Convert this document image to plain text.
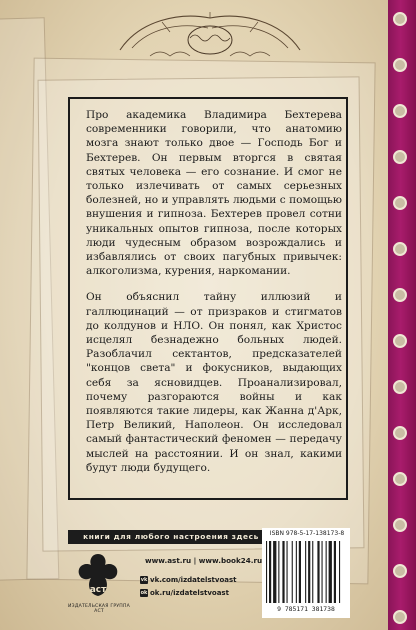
Про академика Владимира Бехтерева современники говорили, что анатомию мозга знают только двое — Господь Бог и Бехтерев. Он первым вторгся в святая святых человека — его сознание. И смог не только излечивать от самых серьезных болезней, но и управлять людьми с помощью внушения и гипноза. Бехтерев провел сотни уникальных опытов гипноза, после которых люди чудесным образом возрождались и избавлялись от своих пагубных привычек: алкоголизма, курения, наркомании.

Он объяснил тайну иллюзий и галлюцинаций — от призраков и стигматов до колдунов и НЛО. Он понял, как Христос исцелял безнадежно больных людей. Разоблачил сектантов, предсказателей "концов света" и фокусников, выдающих себя за ясновидцев. Проанализировал, почему разгораются войны и как появляются такие лидеры, как Жанна д'Арк, Петр Великий, Наполеон. Он исследовал самый фантастический феномен — передачу мыслей на расстоянии. И он знал, какими будут люди будущего.

книги для любого настроения здесь
аст
ИЗДАТЕЛЬСКАЯ ГРУППА АСТ
www.ast.ru | www.book24.ru
vk vk.com/izdatelstvoast
ok ok.ru/izdatelstvoast
ISBN 978-5-17-138173-8
9 785171 381738
